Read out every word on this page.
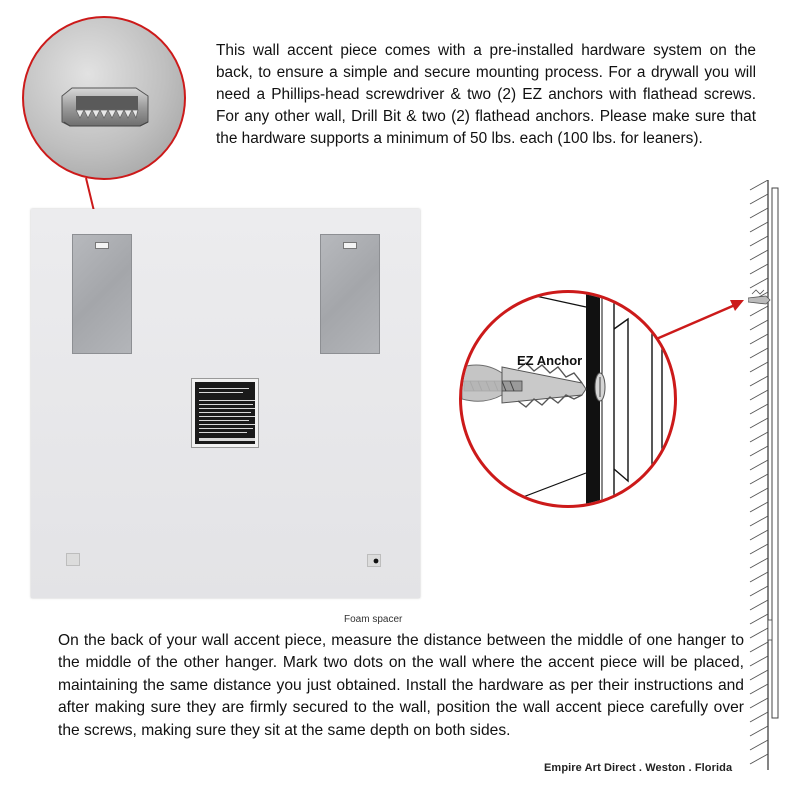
This wall accent piece comes with a pre-installed hardware system on the back, to ensure a simple and secure mounting process. For a drywall you will need a Phillips-head screwdriver & two (2) EZ anchors with flathead screws. For any other wall, Drill Bit & two (2) flathead anchors. Please make sure that the hardware supports a minimum of 50 lbs. each (100 lbs. for leaners).

Foam spacer
EZ Anchor

On the back of your wall accent piece, measure the distance between the middle of one hanger to the middle of the other hanger. Mark two dots on the wall where the accent piece will be placed, maintaining the same distance you just obtained. Install the hardware as per their instructions and after making sure they are firmly secured to the wall, position the wall accent piece carefully over the screws, making sure they sit at the same depth on both sides.

Empire Art Direct . Weston . Florida
